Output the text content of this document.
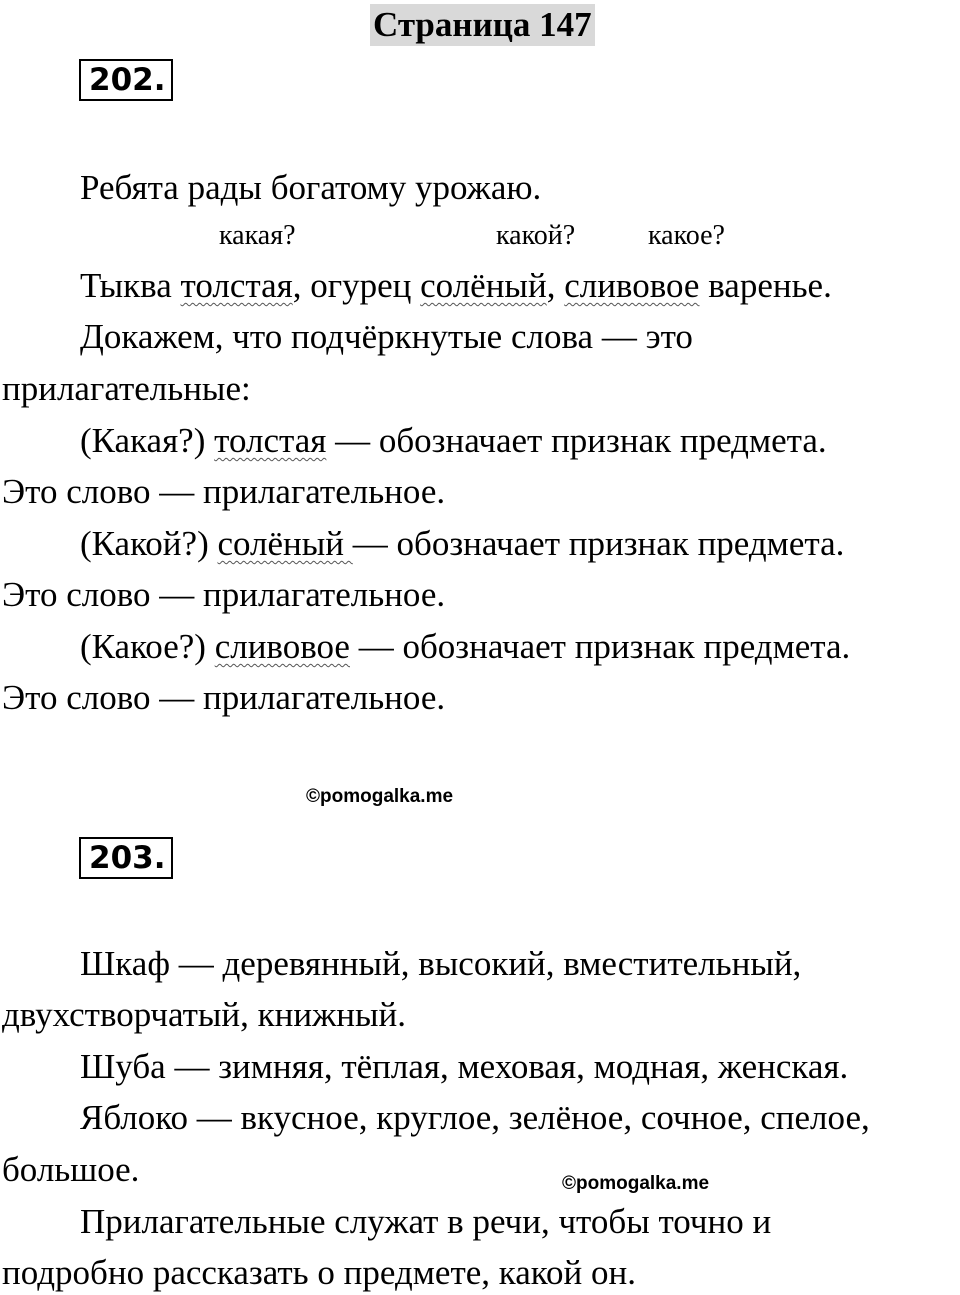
Страница 147
202.
Ребята рады богатому урожаю.
какая?	какой?	какое?
Тыква толстая, огурец солёный, сливовое варенье.
Докажем, что подчёркнутые слова — это
прилагательные:
(Какая?) толстая — обозначает признак предмета.
Это слово — прилагательное.
(Какой?) солёный — обозначает признак предмета.
Это слово — прилагательное.
(Какое?) сливовое — обозначает признак предмета.
Это слово — прилагательное.
©pomogalka.me
203.
Шкаф — деревянный, высокий, вместительный,
двухстворчатый, книжный.
Шуба — зимняя, тёплая, меховая, модная, женская.
Яблоко — вкусное, круглое, зелёное, сочное, спелое,
большое.	©pomogalka.me
Прилагательные служат в речи, чтобы точно и
подробно рассказать о предмете, какой он.
